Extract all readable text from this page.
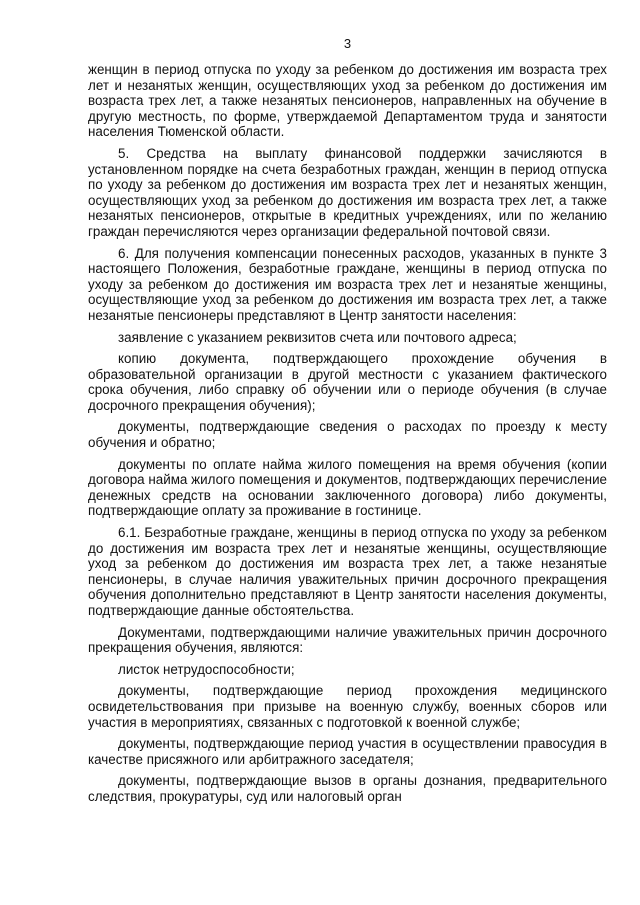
3

женщин в период отпуска по уходу за ребенком до достижения им возраста трех лет и незанятых женщин, осуществляющих уход за ребенком до достижения им возраста трех лет, а также незанятых пенсионеров, направленных на обучение в другую местность, по форме, утверждаемой Департаментом труда и занятости населения Тюменской области.

5. Средства на выплату финансовой поддержки зачисляются в установленном порядке на счета безработных граждан, женщин в период отпуска по уходу за ребенком до достижения им возраста трех лет и незанятых женщин, осуществляющих уход за ребенком до достижения им возраста трех лет, а также незанятых пенсионеров, открытые в кредитных учреждениях, или по желанию граждан перечисляются через организации федеральной почтовой связи.

6. Для получения компенсации понесенных расходов, указанных в пункте 3 настоящего Положения, безработные граждане, женщины в период отпуска по уходу за ребенком до достижения им возраста трех лет и незанятые женщины, осуществляющие уход за ребенком до достижения им возраста трех лет, а также незанятые пенсионеры представляют в Центр занятости населения:

заявление с указанием реквизитов счета или почтового адреса;

копию документа, подтверждающего прохождение обучения в образовательной организации в другой местности с указанием фактического срока обучения, либо справку об обучении или о периоде обучения (в случае досрочного прекращения обучения);

документы, подтверждающие сведения о расходах по проезду к месту обучения и обратно;

документы по оплате найма жилого помещения на время обучения (копии договора найма жилого помещения и документов, подтверждающих перечисление денежных средств на основании заключенного договора) либо документы, подтверждающие оплату за проживание в гостинице.

6.1. Безработные граждане, женщины в период отпуска по уходу за ребенком до достижения им возраста трех лет и незанятые женщины, осуществляющие уход за ребенком до достижения им возраста трех лет, а также незанятые пенсионеры, в случае наличия уважительных причин досрочного прекращения обучения дополнительно представляют в Центр занятости населения документы, подтверждающие данные обстоятельства.

Документами, подтверждающими наличие уважительных причин досрочного прекращения обучения, являются:

листок нетрудоспособности;

документы, подтверждающие период прохождения медицинского освидетельствования при призыве на военную службу, военных сборов или участия в мероприятиях, связанных с подготовкой к военной службе;

документы, подтверждающие период участия в осуществлении правосудия в качестве присяжного или арбитражного заседателя;

документы, подтверждающие вызов в органы дознания, предварительного следствия, прокуратуры, суд или налоговый орган
